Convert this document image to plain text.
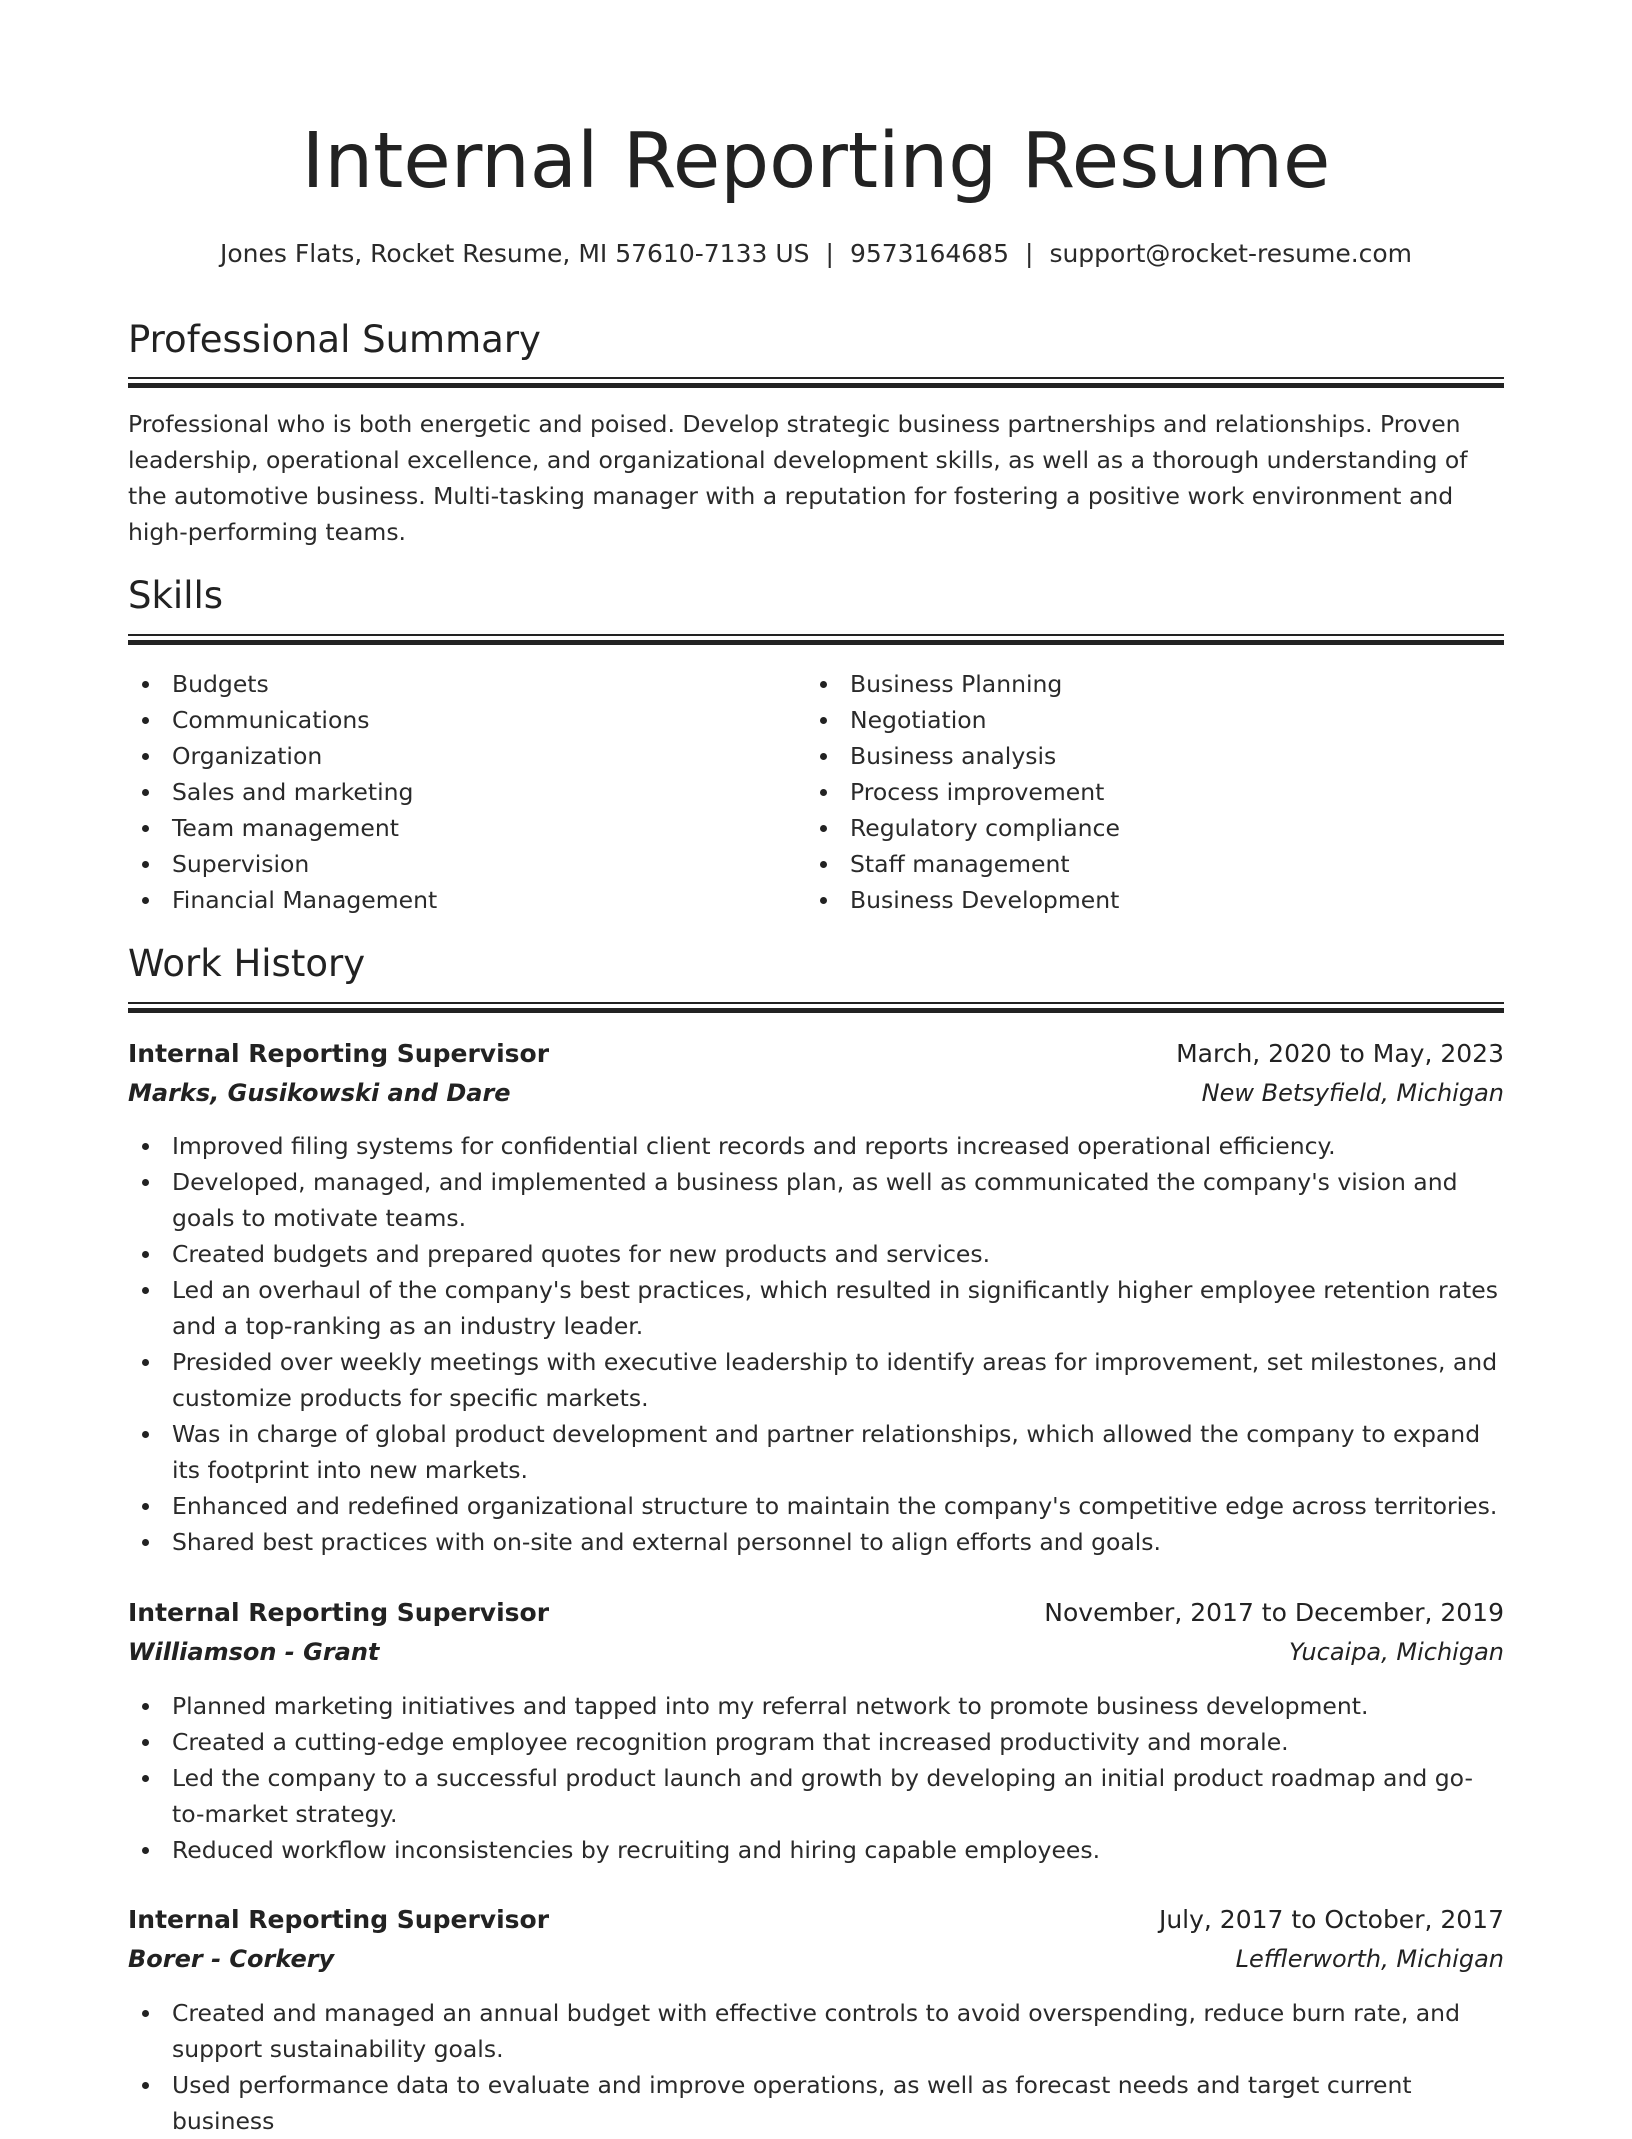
Internal Reporting Resume
Jones Flats, Rocket Resume, MI 57610-7133 US | 9573164685 | support@rocket-resume.com
Professional Summary

Professional who is both energetic and poised. Develop strategic business partnerships and relationships. Proven leadership, operational excellence, and organizational development skills, as well as a thorough understanding of the automotive business. Multi-tasking manager with a reputation for fostering a positive work environment and high-performing teams.

Skills
Budgets
Communications
Organization
Sales and marketing
Team management
Supervision
Financial Management
Business Planning
Negotiation
Business analysis
Process improvement
Regulatory compliance
Staff management
Business Development
Work History
Internal Reporting Supervisor	March, 2020 to May, 2023
Marks, Gusikowski and Dare	New Betsyfield, Michigan
Improved filing systems for confidential client records and reports increased operational efficiency.
Developed, managed, and implemented a business plan, as well as communicated the company's vision and goals to motivate teams.
Created budgets and prepared quotes for new products and services.
Led an overhaul of the company's best practices, which resulted in significantly higher employee retention rates and a top-ranking as an industry leader.
Presided over weekly meetings with executive leadership to identify areas for improvement, set milestones, and customize products for specific markets.
Was in charge of global product development and partner relationships, which allowed the company to expand its footprint into new markets.
Enhanced and redefined organizational structure to maintain the company's competitive edge across territories.
Shared best practices with on-site and external personnel to align efforts and goals.
Internal Reporting Supervisor	November, 2017 to December, 2019
Williamson - Grant	Yucaipa, Michigan
Planned marketing initiatives and tapped into my referral network to promote business development.
Created a cutting-edge employee recognition program that increased productivity and morale.
Led the company to a successful product launch and growth by developing an initial product roadmap and go-to-market strategy.
Reduced workflow inconsistencies by recruiting and hiring capable employees.
Internal Reporting Supervisor	July, 2017 to October, 2017
Borer - Corkery	Lefflerworth, Michigan
Created and managed an annual budget with effective controls to avoid overspending, reduce burn rate, and support sustainability goals.
Used performance data to evaluate and improve operations, as well as forecast needs and target current business
